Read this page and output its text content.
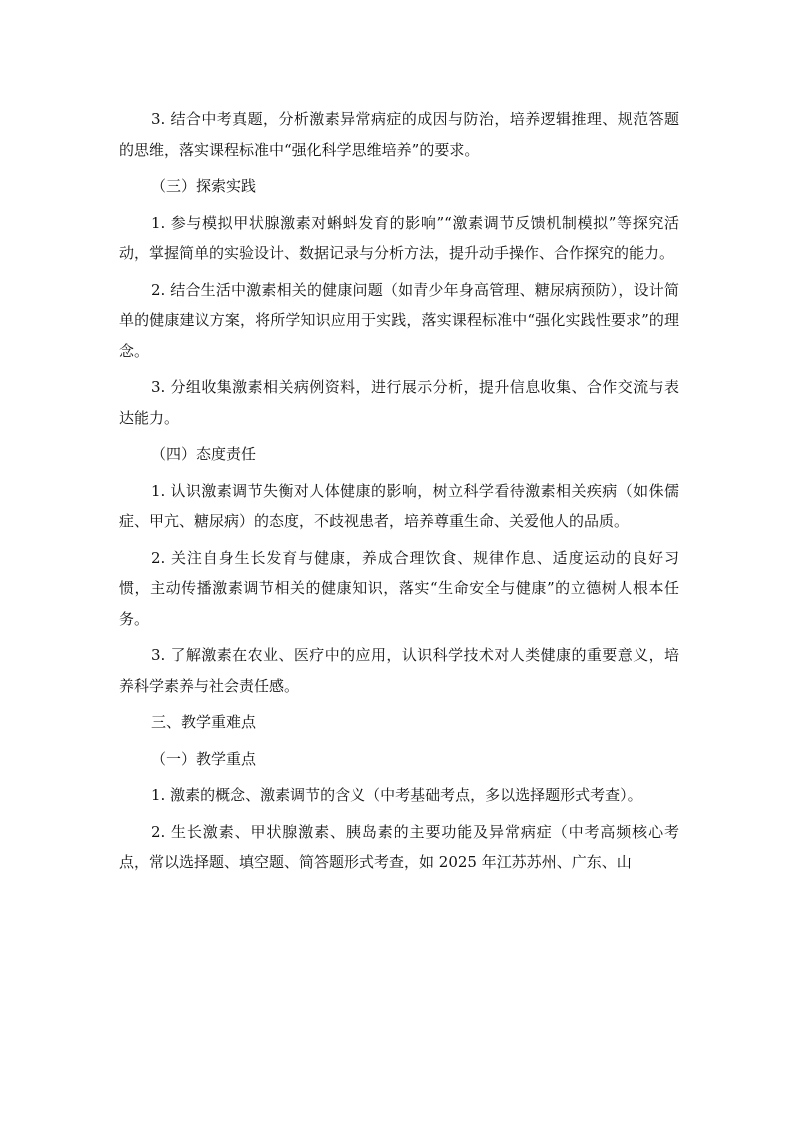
3. 结合中考真题，分析激素异常病症的成因与防治，培养逻辑推理、规范答题的思维，落实课程标准中“强化科学思维培养”的要求。

（三）探索实践

1. 参与模拟甲状腺激素对蝌蚪发育的影响”“激素调节反馈机制模拟”等探究活动，掌握简单的实验设计、数据记录与分析方法，提升动手操作、合作探究的能力。

2. 结合生活中激素相关的健康问题（如青少年身高管理、糖尿病预防），设计简单的健康建议方案，将所学知识应用于实践，落实课程标准中“强化实践性要求”的理念。

3. 分组收集激素相关病例资料，进行展示分析，提升信息收集、合作交流与表达能力。

（四）态度责任

1. 认识激素调节失衡对人体健康的影响，树立科学看待激素相关疾病（如侏儒症、甲亢、糖尿病）的态度，不歧视患者，培养尊重生命、关爱他人的品质。

2. 关注自身生长发育与健康，养成合理饮食、规律作息、适度运动的良好习惯，主动传播激素调节相关的健康知识，落实“生命安全与健康”的立德树人根本任务。

3. 了解激素在农业、医疗中的应用，认识科学技术对人类健康的重要意义，培养科学素养与社会责任感。

三、教学重难点

（一）教学重点

1. 激素的概念、激素调节的含义（中考基础考点，多以选择题形式考查）。

2. 生长激素、甲状腺激素、胰岛素的主要功能及异常病症（中考高频核心考点，常以选择题、填空题、简答题形式考查，如 2025 年江苏苏州、广东、山
